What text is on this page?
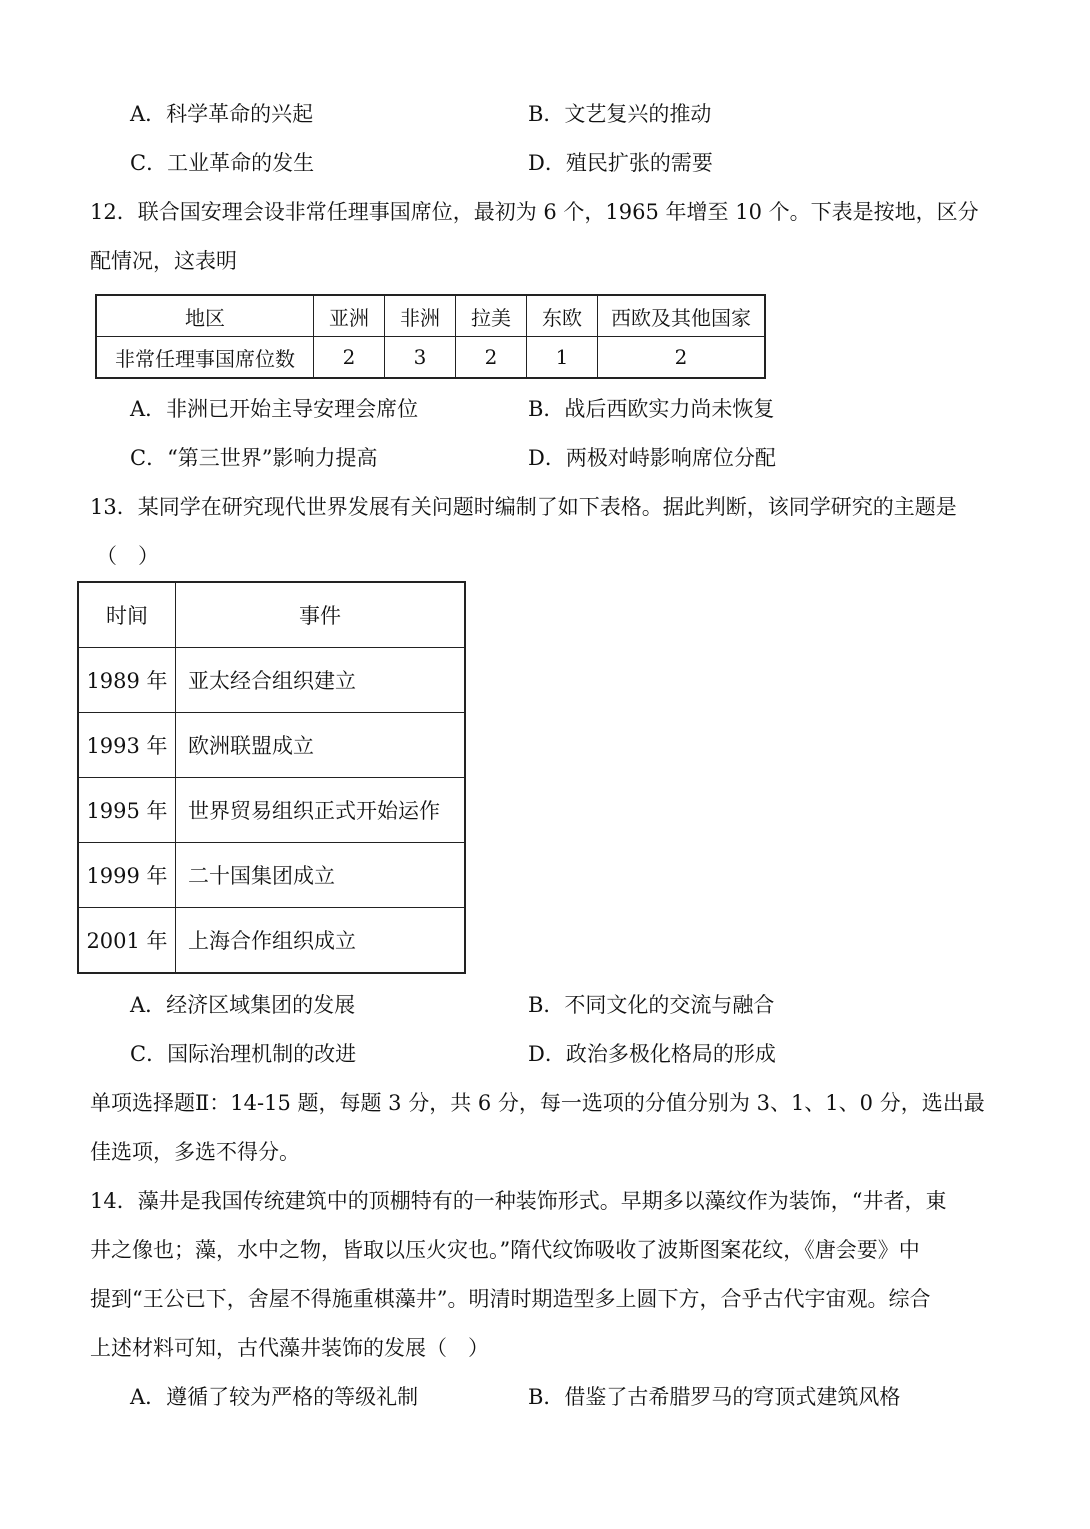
A．科学革命的兴起	B．文艺复兴的推动
C．工业革命的发生	D．殖民扩张的需要
12．联合国安理会设非常任理事国席位，最初为 6 个，1965 年增至 10 个。下表是按地，区分
配情况，这表明
地区	亚洲	非洲	拉美	东欧	西欧及其他国家
非常任理事国席位数	2	3	2	1	2
A．非洲已开始主导安理会席位	B．战后西欧实力尚未恢复
C．“第三世界”影响力提高	D．两极对峙影响席位分配
13．某同学在研究现代世界发展有关问题时编制了如下表格。据此判断，该同学研究的主题是
（　）
时间	事件
1989 年	亚太经合组织建立
1993 年	欧洲联盟成立
1995 年	世界贸易组织正式开始运作
1999 年	二十国集团成立
2001 年	上海合作组织成立
A．经济区域集团的发展	B．不同文化的交流与融合
C．国际治理机制的改进	D．政治多极化格局的形成
单项选择题Ⅱ：14-15 题，每题 3 分，共 6 分，每一选项的分值分别为 3、1、1、0 分，选出最
佳选项，多选不得分。
14．藻井是我国传统建筑中的顶棚特有的一种装饰形式。早期多以藻纹作为装饰，“井者，東
井之像也；藻，水中之物，皆取以压火灾也。”隋代纹饰吸收了波斯图案花纹，《唐会要》中
提到“王公已下，舍屋不得施重棋藻井”。明清时期造型多上圆下方，合乎古代宇宙观。综合
上述材料可知，古代藻井装饰的发展（　）
A．遵循了较为严格的等级礼制	B．借鉴了古希腊罗马的穹顶式建筑风格
